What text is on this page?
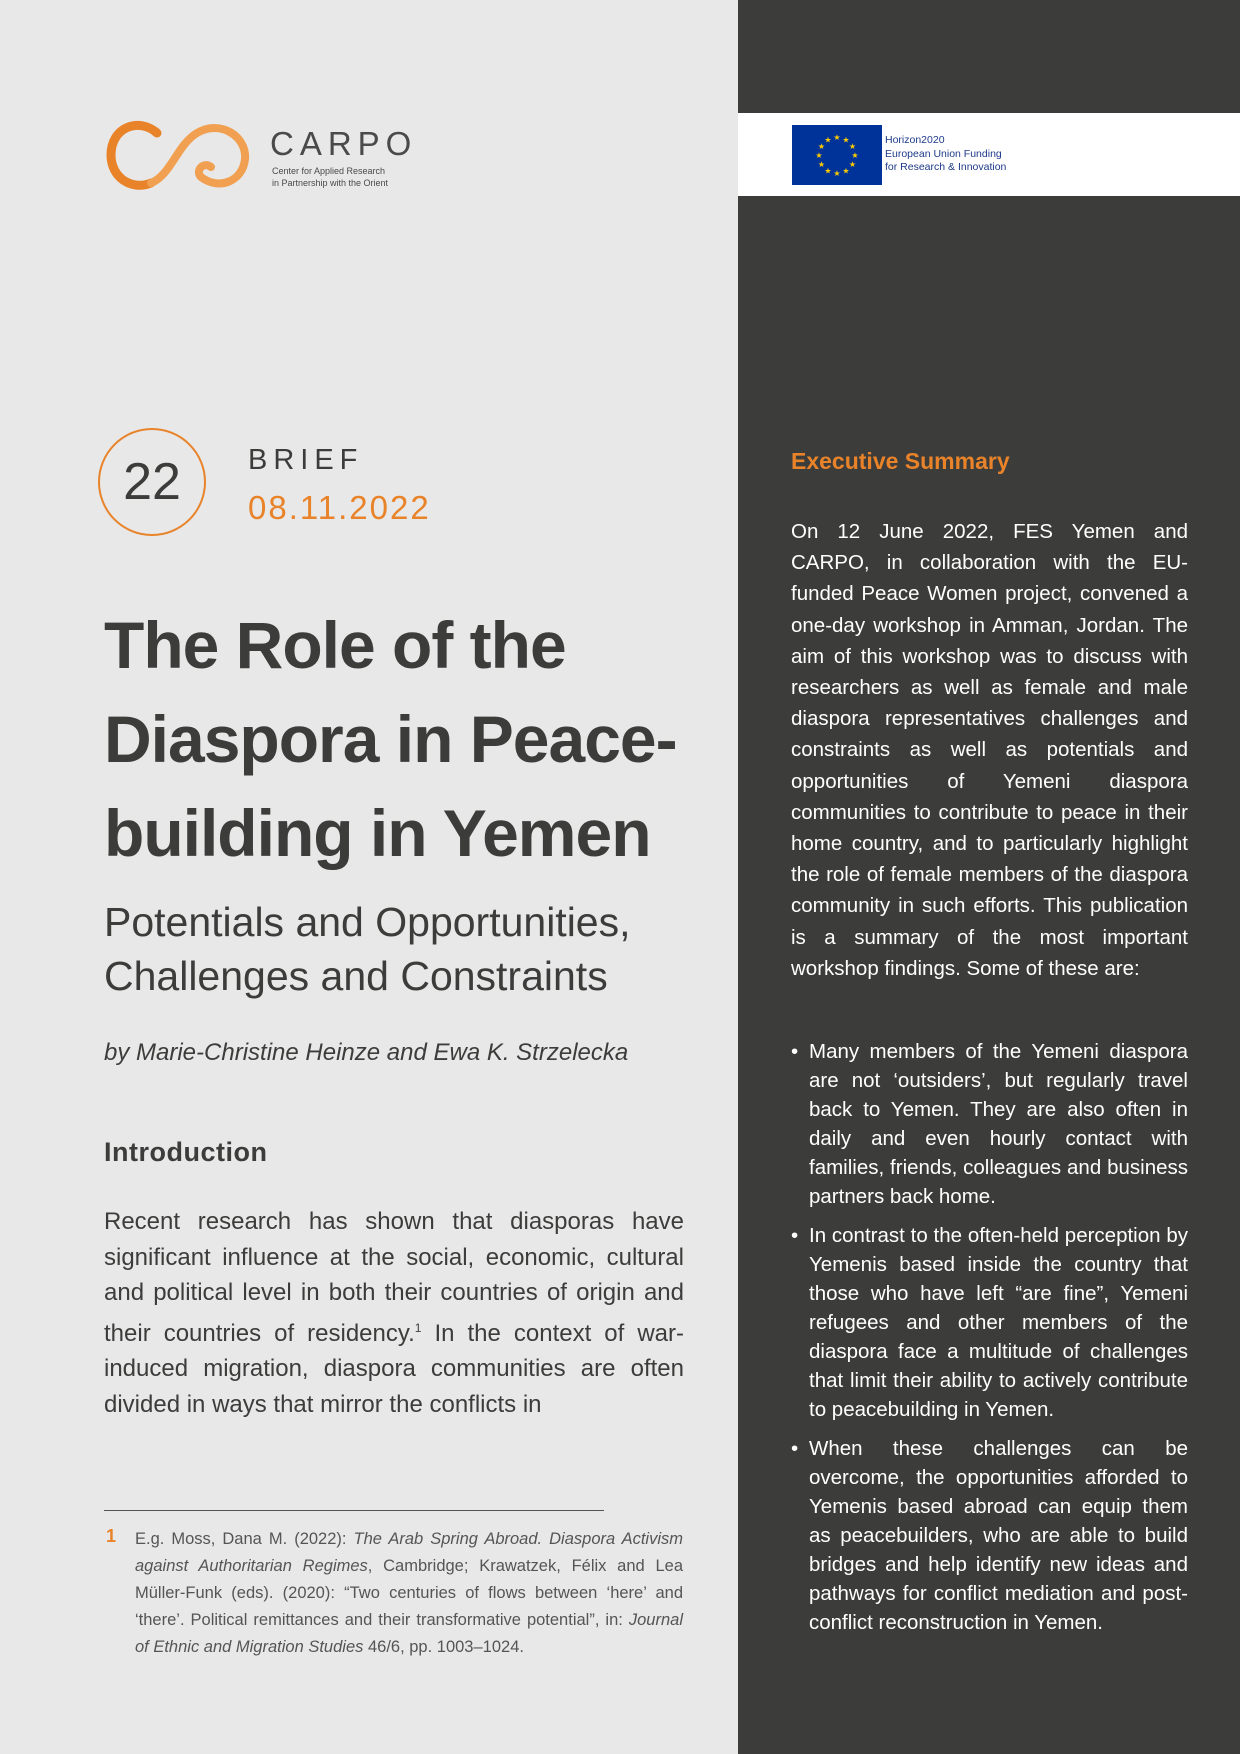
Executive Summary
On 12 June 2022, FES Yemen and CARPO, in collaboration with the EU-funded Peace Women project, convened a one-day workshop in Amman, Jordan. The aim of this workshop was to discuss with researchers as well as female and male diaspora representatives challenges and constraints as well as potentials and opportunities of Yemeni diaspora communities to contribute to peace in their home country, and to particularly highlight the role of female members of the diaspora community in such efforts. This publication is a summary of the most important workshop findings. Some of these are:
• Many members of the Yemeni diaspora are not ‘outsiders’, but regularly travel back to Yemen. They are also often in daily and even hourly contact with families, friends, colleagues and business partners back home.
• In contrast to the often-held perception by Yemenis based inside the country that those who have left “are fine”, Yemeni refugees and other members of the diaspora face a multitude of challenges that limit their ability to actively contribute to peacebuilding in Yemen.
• When these challenges can be overcome, the opportunities afforded to Yemenis based abroad can equip them as peacebuilders, who are able to build bridges and help identify new ideas and pathways for conflict mediation and post-conflict reconstruction in Yemen.
★ ★
★
★
★
★
★
★
★
★
★
★	Horizon2020
European Union Funding
for Research & Innovation
CARPO
Center for Applied Research
in Partnership with the Orient
22	BRIEF
08.11.2022
The Role of the Diaspora in Peace-building in Yemen
Potentials and Opportunities, Challenges and Constraints
by Marie-Christine Heinze and Ewa K. Strzelecka
Introduction
Recent research has shown that diasporas have significant influence at the social, economic, cultural and political level in both their countries of origin and their countries of residency.$^1$ In the context of war-induced migration, diaspora communities are often divided in ways that mirror the conflicts in
1 E.g. Moss, Dana M. (2022): The Arab Spring Abroad. Diaspora Activism against Authoritarian Regimes, Cambridge; Krawatzek, Félix and Lea Müller-Funk (eds). (2020): “Two centuries of flows between ‘here’ and ‘there’. Political remittances and their transformative potential”, in: Journal of Ethnic and Migration Studies 46/6, pp. 1003–1024.
